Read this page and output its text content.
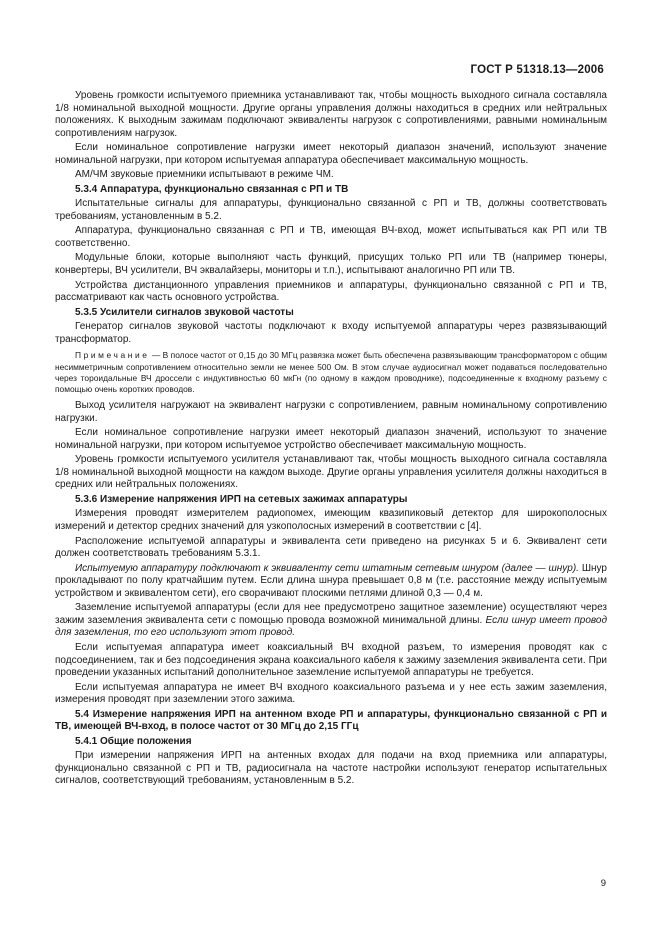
ГОСТ Р 51318.13—2006

Уровень громкости испытуемого приемника устанавливают так, чтобы мощность выходного сигнала составляла 1/8 номинальной выходной мощности. Другие органы управления должны находиться в средних или нейтральных положениях. К выходным зажимам подключают эквиваленты нагрузок с сопротивлениями, равными номинальным сопротивлениям нагрузок.

Если номинальное сопротивление нагрузки имеет некоторый диапазон значений, используют значение номинальной нагрузки, при котором испытуемая аппаратура обеспечивает максимальную мощность.

АМ/ЧМ звуковые приемники испытывают в режиме ЧМ.

5.3.4 Аппаратура, функционально связанная с РП и ТВ

Испытательные сигналы для аппаратуры, функционально связанной с РП и ТВ, должны соответствовать требованиям, установленным в 5.2.

Аппаратура, функционально связанная с РП и ТВ, имеющая ВЧ-вход, может испытываться как РП или ТВ соответственно.

Модульные блоки, которые выполняют часть функций, присущих только РП или ТВ (например тюнеры, конвертеры, ВЧ усилители, ВЧ эквалайзеры, мониторы и т.п.), испытывают аналогично РП или ТВ.

Устройства дистанционного управления приемников и аппаратуры, функционально связанной с РП и ТВ, рассматривают как часть основного устройства.

5.3.5 Усилители сигналов звуковой частоты

Генератор сигналов звуковой частоты подключают к входу испытуемой аппаратуры через развязывающий трансформатор.

Примечание — В полосе частот от 0,15 до 30 МГц развязка может быть обеспечена развязывающим трансформатором с общим несимметричным сопротивлением относительно земли не менее 500 Ом. В этом случае аудиосигнал может подаваться последовательно через тороидальные ВЧ дроссели с индуктивностью 60 мкГн (по одному в каждом проводнике), подсоединенные к входному разъему с помощью очень коротких проводов.

Выход усилителя нагружают на эквивалент нагрузки с сопротивлением, равным номинальному сопротивлению нагрузки.

Если номинальное сопротивление нагрузки имеет некоторый диапазон значений, используют то значение номинальной нагрузки, при котором испытуемое устройство обеспечивает максимальную мощность.

Уровень громкости испытуемого усилителя устанавливают так, чтобы мощность выходного сигнала составляла 1/8 номинальной выходной мощности на каждом выходе. Другие органы управления усилителя должны находиться в средних или нейтральных положениях.

5.3.6 Измерение напряжения ИРП на сетевых зажимах аппаратуры

Измерения проводят измерителем радиопомех, имеющим квазипиковый детектор для широкополосных измерений и детектор средних значений для узкополосных измерений в соответствии с [4].

Расположение испытуемой аппаратуры и эквивалента сети приведено на рисунках 5 и 6. Эквивалент сети должен соответствовать требованиям 5.3.1.

Испытуемую аппаратуру подключают к эквиваленту сети штатным сетевым шнуром (далее — шнур). Шнур прокладывают по полу кратчайшим путем. Если длина шнура превышает 0,8 м (т.е. расстояние между испытуемым устройством и эквивалентом сети), его сворачивают плоскими петлями длиной 0,3 — 0,4 м.

Заземление испытуемой аппаратуры (если для нее предусмотрено защитное заземление) осуществляют через зажим заземления эквивалента сети с помощью провода возможной минимальной длины. Если шнур имеет провод для заземления, то его используют этот провод.

Если испытуемая аппаратура имеет коаксиальный ВЧ входной разъем, то измерения проводят как с подсоединением, так и без подсоединения экрана коаксиального кабеля к зажиму заземления эквивалента сети. При проведении указанных испытаний дополнительное заземление испытуемой аппаратуры не требуется.

Если испытуемая аппаратура не имеет ВЧ входного коаксиального разъема и у нее есть зажим заземления, измерения проводят при заземлении этого зажима.

5.4 Измерение напряжения ИРП на антенном входе РП и аппаратуры, функционально связанной с РП и ТВ, имеющей ВЧ-вход, в полосе частот от 30 МГц до 2,15 ГГц

5.4.1 Общие положения

При измерении напряжения ИРП на антенных входах для подачи на вход приемника или аппаратуры, функционально связанной с РП и ТВ, радиосигнала на частоте настройки используют генератор испытательных сигналов, соответствующий требованиям, установленным в 5.2.

9
